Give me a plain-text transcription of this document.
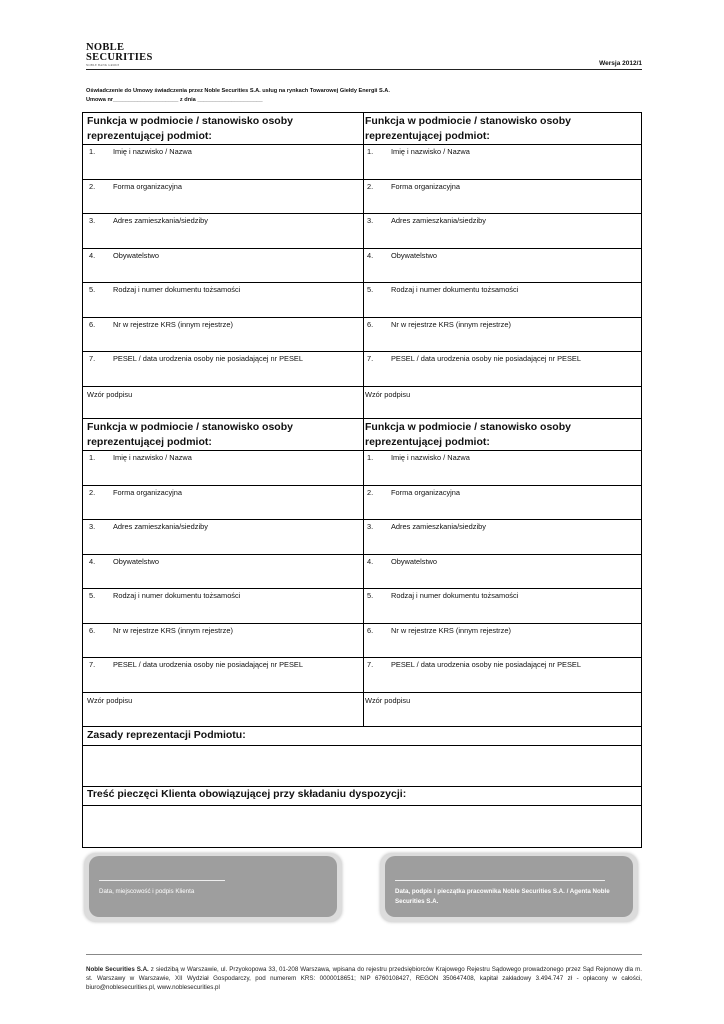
NOBLE
SECURITIES
NOBLE BANK GROUP	Wersja 2012/1
Oświadczenie do Umowy świadczenia przez Noble Securities S.A. usług na rynkach Towarowej Giełdy Energii S.A.
Umowa nr_____________________ z dnia _____________________
Funkcja w podmiocie / stanowisko osoby reprezentującej podmiot:
1. Imię i nazwisko / Nazwa
2. Forma organizacyjna
3. Adres zamieszkania/siedziby
4. Obywatelstwo
5. Rodzaj i numer dokumentu tożsamości
6. Nr w rejestrze KRS (innym rejestrze)
7. PESEL / data urodzenia osoby nie posiadającej nr PESEL
Wzór podpisu
Funkcja w podmiocie / stanowisko osoby reprezentującej podmiot:
1. Imię i nazwisko / Nazwa
2. Forma organizacyjna
3. Adres zamieszkania/siedziby
4. Obywatelstwo
5. Rodzaj i numer dokumentu tożsamości
6. Nr w rejestrze KRS (innym rejestrze)
7. PESEL / data urodzenia osoby nie posiadającej nr PESEL
Wzór podpisu
Funkcja w podmiocie / stanowisko osoby reprezentującej podmiot:
1. Imię i nazwisko / Nazwa
2. Forma organizacyjna
3. Adres zamieszkania/siedziby
4. Obywatelstwo
5. Rodzaj i numer dokumentu tożsamości
6. Nr w rejestrze KRS (innym rejestrze)
7. PESEL / data urodzenia osoby nie posiadającej nr PESEL
Wzór podpisu
Funkcja w podmiocie / stanowisko osoby reprezentującej podmiot:
1. Imię i nazwisko / Nazwa
2. Forma organizacyjna
3. Adres zamieszkania/siedziby
4. Obywatelstwo
5. Rodzaj i numer dokumentu tożsamości
6. Nr w rejestrze KRS (innym rejestrze)
7. PESEL / data urodzenia osoby nie posiadającej nr PESEL
Wzór podpisu
Zasady reprezentacji Podmiotu:
Treść pieczęci Klienta obowiązującej przy składaniu dyspozycji:
Data, miejscowość i podpis Klienta	Data, podpis i pieczątka pracownika Noble Securities S.A. / Agenta Noble Securities S.A.
Noble Securities S.A. z siedzibą w Warszawie, ul. Przyokopowa 33, 01-208 Warszawa, wpisana do rejestru przedsiębiorców Krajowego Rejestru Sądowego prowadzonego przez Sąd Rejonowy dla m. st. Warszawy w Warszawie, XII Wydział Gospodarczy, pod numerem KRS: 0000018651; NIP 6760108427, REGON 350647408, kapitał zakładowy 3.494.747 zł - opłacony w całości, biuro@noblesecurities.pl, www.noblesecurities.pl
